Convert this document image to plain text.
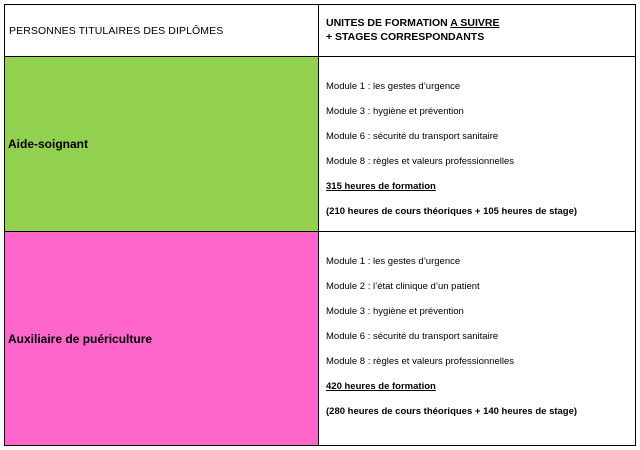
PERSONNES TITULAIRES DES DIPLÔMES
UNITES DE FORMATION A SUIVRE
+ STAGES CORRESPONDANTS
Aide-soignant
Module 1 : les gestes d’urgence
Module 3 : hygiène et prévention
Module 6 : sécurité du transport sanitaire
Module 8 : règles et valeurs professionnelles
315 heures de formation
(210 heures de cours théoriques + 105 heures de stage)
Auxiliaire de puériculture
Module 1 : les gestes d’urgence
Module 2 : l’état clinique d’un patient
Module 3 : hygiène et prévention
Module 6 : sécurité du transport sanitaire
Module 8 : règles et valeurs professionnelles
420 heures de formation
(280 heures de cours théoriques + 140 heures de stage)
